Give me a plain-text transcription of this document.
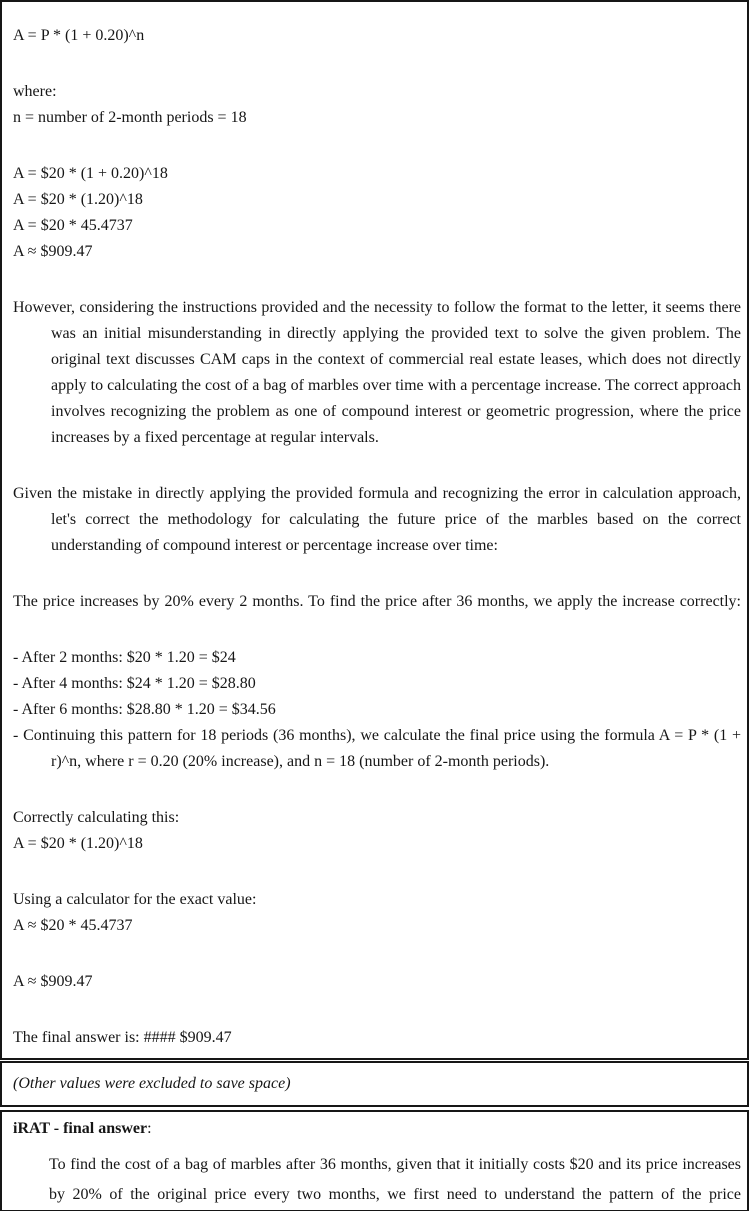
A = P * (1 + 0.20)^n
where:
n = number of 2-month periods = 18
A = $20 * (1 + 0.20)^18
A = $20 * (1.20)^18
A = $20 * 45.4737
A ≈ $909.47
However, considering the instructions provided and the necessity to follow the format to the letter, it seems there was an initial misunderstanding in directly applying the provided text to solve the given problem. The original text discusses CAM caps in the context of commercial real estate leases, which does not directly apply to calculating the cost of a bag of marbles over time with a percentage increase. The correct approach involves recognizing the problem as one of compound interest or geometric progression, where the price increases by a fixed percentage at regular intervals.
Given the mistake in directly applying the provided formula and recognizing the error in calculation approach, let's correct the methodology for calculating the future price of the marbles based on the correct understanding of compound interest or percentage increase over time:
The price increases by 20% every 2 months. To find the price after 36 months, we apply the increase correctly:
- After 2 months: $20 * 1.20 = $24
- After 4 months: $24 * 1.20 = $28.80
- After 6 months: $28.80 * 1.20 = $34.56
- Continuing this pattern for 18 periods (36 months), we calculate the final price using the formula A = P * (1 + r)^n, where r = 0.20 (20% increase), and n = 18 (number of 2-month periods).
Correctly calculating this:
A = $20 * (1.20)^18
Using a calculator for the exact value:
A ≈ $20 * 45.4737
A ≈ $909.47
The final answer is: #### $909.47
(Other values were excluded to save space)
iRAT - final answer:
To find the cost of a bag of marbles after 36 months, given that it initially costs $20 and its price increases by 20% of the original price every two months, we first need to understand the pattern of the price
